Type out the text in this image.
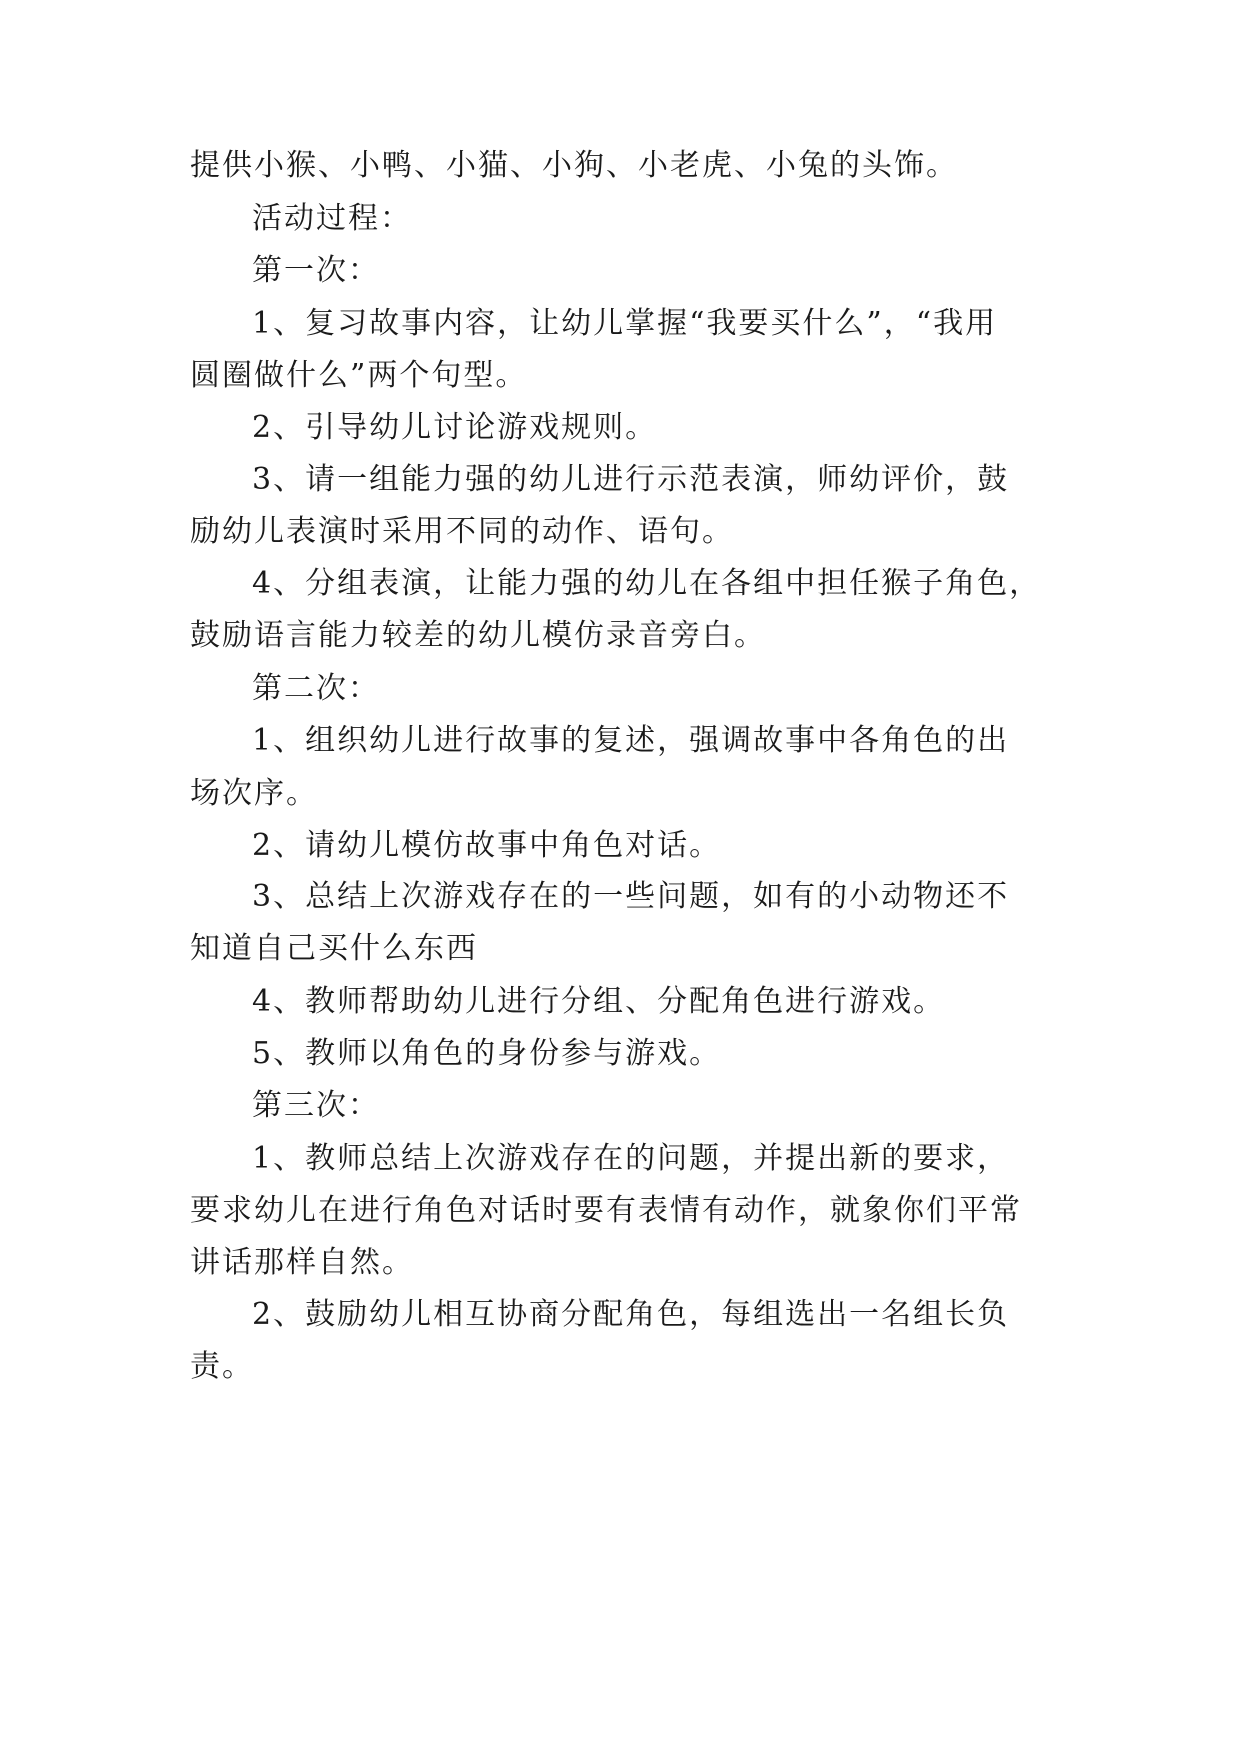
提供小猴、小鸭、小猫、小狗、小老虎、小兔的头饰。
活动过程：
第一次：
1、复习故事内容，让幼儿掌握“我要买什么”，“我用
圆圈做什么”两个句型。
2、引导幼儿讨论游戏规则。
3、请一组能力强的幼儿进行示范表演，师幼评价，鼓
励幼儿表演时采用不同的动作、语句。
4、分组表演，让能力强的幼儿在各组中担任猴子角色，
鼓励语言能力较差的幼儿模仿录音旁白。
第二次：
1、组织幼儿进行故事的复述，强调故事中各角色的出
场次序。
2、请幼儿模仿故事中角色对话。
3、总结上次游戏存在的一些问题，如有的小动物还不
知道自己买什么东西
4、教师帮助幼儿进行分组、分配角色进行游戏。
5、教师以角色的身份参与游戏。
第三次：
1、教师总结上次游戏存在的问题，并提出新的要求，
要求幼儿在进行角色对话时要有表情有动作，就象你们平常
讲话那样自然。
2、鼓励幼儿相互协商分配角色，每组选出一名组长负
责。
